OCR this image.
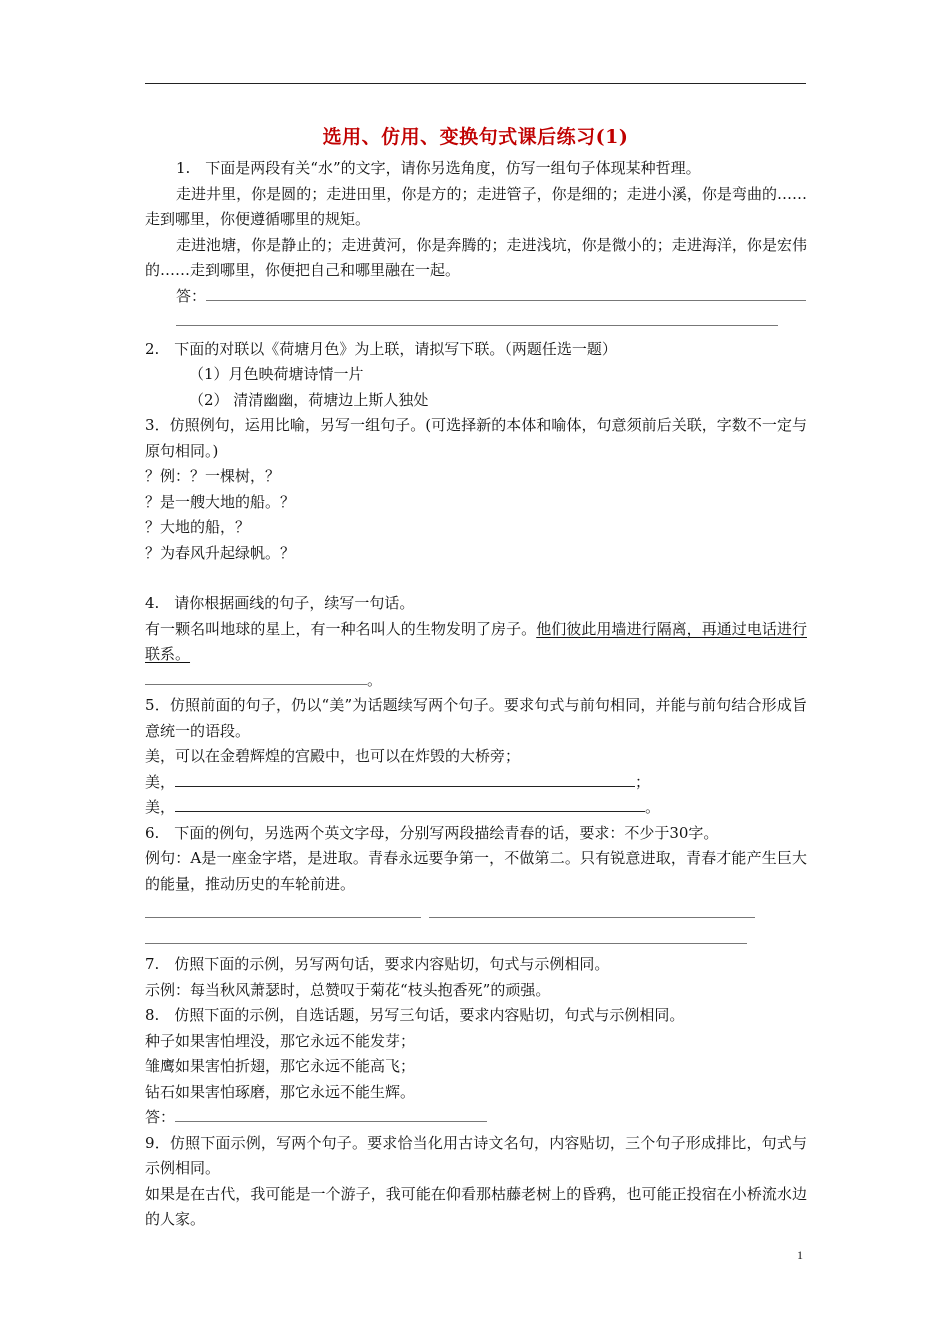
选用、仿用、变换句式课后练习(1)
1.　下面是两段有关“水”的文字，请你另选角度，仿写一组句子体现某种哲理。
走进井里，你是圆的；走进田里，你是方的；走进管子，你是细的；走进小溪，你是弯曲的……走到哪里，你便遵循哪里的规矩。
走进池塘，你是静止的；走进黄河，你是奔腾的；走进浅坑，你是微小的；走进海洋，你是宏伟的……走到哪里，你便把自己和哪里融在一起。
答：
2.　下面的对联以《荷塘月色》为上联，请拟写下联。（两题任选一题）
（1）月色映荷塘诗情一片
（2） 清清幽幽，荷塘边上斯人独处
3．仿照例句，运用比喻，另写一组句子。(可选择新的本体和喻体，句意须前后关联，字数不一定与原句相同。)
？例：？一棵树，？
？是一艘大地的船。？
？大地的船，？
？为春风升起绿帆。？
4.　请你根据画线的句子，续写一句话。
有一颗名叫地球的星上，有一种名叫人的生物发明了房子。他们彼此用墙进行隔离，再通过电话进行联系。
。
5．仿照前面的句子，仍以“美”为话题续写两个句子。要求句式与前句相同，并能与前句结合形成旨意统一的语段。
美，可以在金碧辉煌的宫殿中，也可以在炸毁的大桥旁；
美，	；
美，	。
6.　下面的例句，另选两个英文字母，分别写两段描绘青春的话，要求：不少于30字。
例句：A是一座金字塔，是进取。青春永远要争第一，不做第二。只有锐意进取，青春才能产生巨大的能量，推动历史的车轮前进。

7.　仿照下面的示例，另写两句话，要求内容贴切，句式与示例相同。
示例：每当秋风萧瑟时，总赞叹于菊花“枝头抱香死”的顽强。
8.　仿照下面的示例，自选话题，另写三句话，要求内容贴切，句式与示例相同。
种子如果害怕埋没，那它永远不能发芽；
雏鹰如果害怕折翅，那它永远不能高飞；
钻石如果害怕琢磨，那它永远不能生辉。
答：
9．仿照下面示例，写两个句子。要求恰当化用古诗文名句，内容贴切，三个句子形成排比，句式与示例相同。
如果是在古代，我可能是一个游子，我可能在仰看那枯藤老树上的昏鸦，也可能正投宿在小桥流水边的人家。
1
